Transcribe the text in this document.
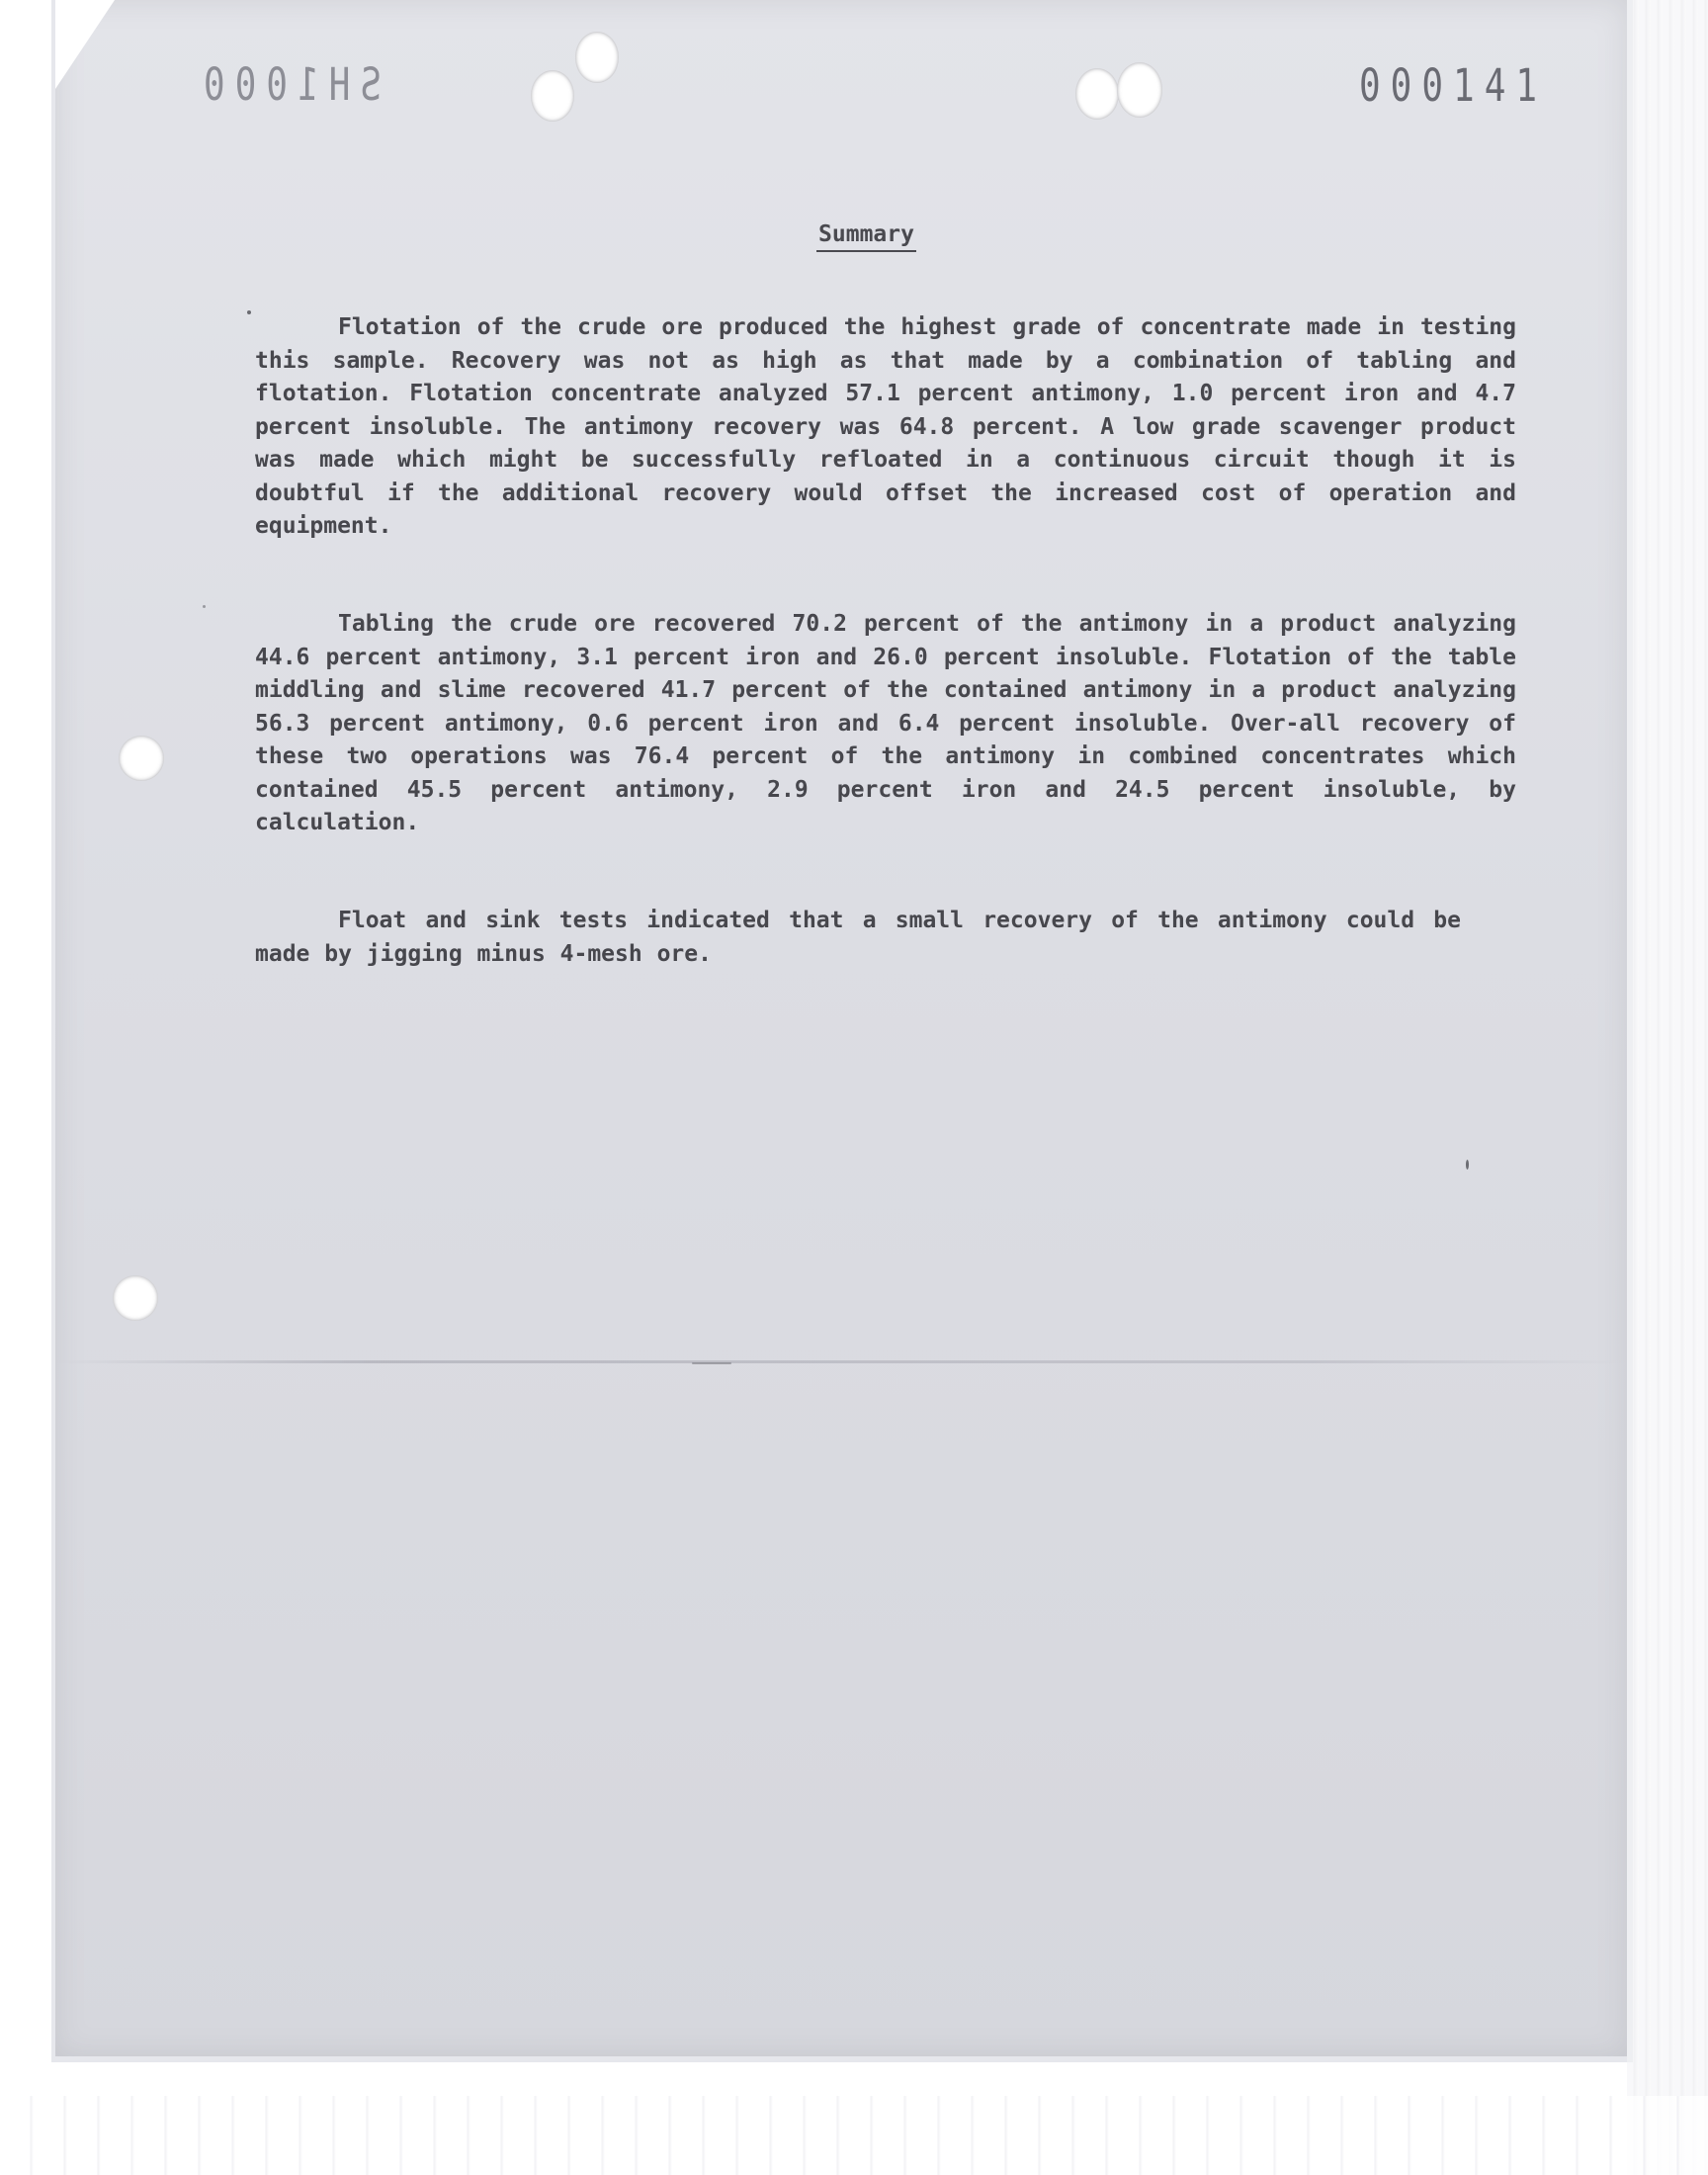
SH1000	000141
Summary

Flotation of the crude ore produced the highest grade of concentrate made in testing this sample. Recovery was not as high as that made by a combination of tabling and flotation. Flotation concentrate analyzed 57.1 percent antimony, 1.0 percent iron and 4.7 percent insoluble. The antimony recovery was 64.8 percent. A low grade scavenger product was made which might be successfully refloated in a continuous circuit though it is doubtful if the additional recovery would offset the increased cost of operation and equipment.

Tabling the crude ore recovered 70.2 percent of the antimony in a product analyzing 44.6 percent antimony, 3.1 percent iron and 26.0 percent insoluble. Flotation of the table middling and slime recovered 41.7 percent of the contained antimony in a product analyzing 56.3 percent antimony, 0.6 percent iron and 6.4 percent insoluble. Over-all recovery of these two operations was 76.4 percent of the antimony in combined concentrates which contained 45.5 percent antimony, 2.9 percent iron and 24.5 percent insoluble, by calculation.

Float and sink tests indicated that a small recovery of the antimony could be made by jigging minus 4-mesh ore.
